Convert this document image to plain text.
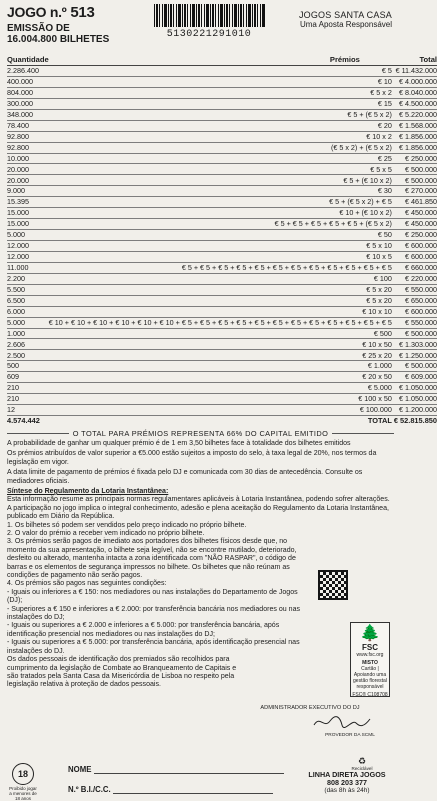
JOGO n.º 513
EMISSÃO DE
16.004.800 BILHETES	5130221291010
JOGOS SANTA CASA
Uma Aposta Responsável
Quantidade	Prémios	Total
2.286.400	€ 5	€ 11.432.000
400.000	€ 10	€ 4.000.000
804.000	€ 5 x 2	€ 8.040.000
300.000	€ 15	€ 4.500.000
348.000	€ 5 + (€ 5 x 2)	€ 5.220.000
78.400	€ 20	€ 1.568.000
92.800	€ 10 x 2	€ 1.856.000
92.800	(€ 5 x 2) + (€ 5 x 2)	€ 1.856.000
10.000	€ 25	€ 250.000
20.000	€ 5 x 5	€ 500.000
20.000	€ 5 + (€ 10 x 2)	€ 500.000
9.000	€ 30	€ 270.000
15.395	€ 5 + (€ 5 x 2) + € 5	€ 461.850
15.000	€ 10 + (€ 10 x 2)	€ 450.000
15.000	€ 5 + € 5 + € 5 + € 5 + € 5 + (€ 5 x 2)	€ 450.000
5.000	€ 50	€ 250.000
12.000	€ 5 x 10	€ 600.000
12.000	€ 10 x 5	€ 600.000
11.000	€ 5 + € 5 + € 5 + € 5 + € 5 + € 5 + € 5 + € 5 + € 5 + € 5 + € 5 + € 5	€ 660.000
2.200	€ 100	€ 220.000
5.500	€ 5 x 20	€ 550.000
6.500	€ 5 x 20	€ 650.000
6.000	€ 10 x 10	€ 600.000
5.000	€ 10 + € 10 + € 10 + € 10 + € 10 + € 10 + € 5 + € 5 + € 5 + € 5 + € 5 + € 5 + € 5 + € 5 + € 5 + € 5 + € 5 + € 5	€ 550.000
1.000	€ 500	€ 500.000
2.606	€ 10 x 50	€ 1.303.000
2.500	€ 25 x 20	€ 1.250.000
500	€ 1.000	€ 500.000
609	€ 20 x 50	€ 609.000
210	€ 5.000	€ 1.050.000
210	€ 100 x 50	€ 1.050.000
12	€ 100.000	€ 1.200.000
4.574.442	TOTAL	€ 52.815.850
O TOTAL PARA PRÉMIOS REPRESENTA 66% DO CAPITAL EMITIDO

A probabilidade de ganhar um qualquer prémio é de 1 em 3,50 bilhetes face à totalidade dos bilhetes emitidos

Os prémios atribuídos de valor superior a €5.000 estão sujeitos a imposto do selo, à taxa legal de 20%, nos termos da legislação em vigor.

A data limite de pagamento de prémios é fixada pelo DJ e comunicada com 30 dias de antecedência. Consulte os mediadores oficiais.

Síntese do Regulamento da Lotaria Instantânea:

Esta informação resume as principais normas regulamentares aplicáveis à Lotaria Instantânea, podendo sofrer alterações. A participação no jogo implica o integral conhecimento, adesão e plena aceitação do Regulamento da Lotaria Instantânea, publicado em Diário da República.

1. Os bilhetes só podem ser vendidos pelo preço indicado no próprio bilhete.

2. O valor do prémio a receber vem indicado no próprio bilhete.

3. Os prémios serão pagos de imediato aos portadores dos bilhetes físicos desde que, no momento da sua apresentação, o bilhete seja legível, não se encontre mutilado, deteriorado, desfeito ou alterado, mantenha intacta a zona identificada com "NÃO RASPAR", o código de barras e os elementos de segurança impressos no bilhete. Os bilhetes que não reúnam as condições de pagamento não serão pagos.

4. Os prémios são pagos nas seguintes condições:

- Iguais ou inferiores a € 150: nos mediadores ou nas instalações do Departamento de Jogos (DJ);

- Superiores a € 150 e inferiores a € 2.000: por transferência bancária nos mediadores ou nas instalações do DJ;

- Iguais ou superiores a € 2.000 e inferiores a € 5.000: por transferência bancária, após identificação presencial nos mediadores ou nas instalações do DJ;

- Iguais ou superiores a € 5.000: por transferência bancária, após identificação presencial nas instalações do DJ.

Os dados pessoais de identificação dos premiados são recolhidos para cumprimento da legislação de Combate ao Branqueamento de Capitais e são tratados pela Santa Casa da Misericórdia de Lisboa no respeito pela legislação relativa à proteção de dados pessoais.

🌲
FSC
www.fsc.org
MISTO
Cartão | Apoiando uma gestão florestal responsável
FSC® C108708
ADMINISTRADOR EXECUTIVO DO DJ
PROVEDOR DA SCML
18
Proibido jogar a menores de 18 anos
NOME
N.º B.I./C.C.
♻
Reciclável
LINHA DIRETA JOGOS
808 203 377
(das 8h às 24h)
